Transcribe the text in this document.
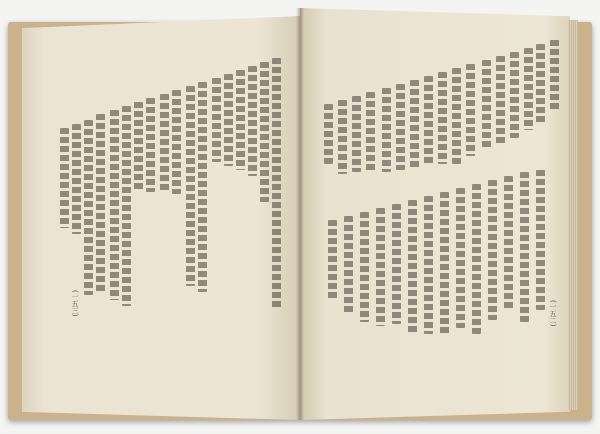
(一五三)	(一五二)
